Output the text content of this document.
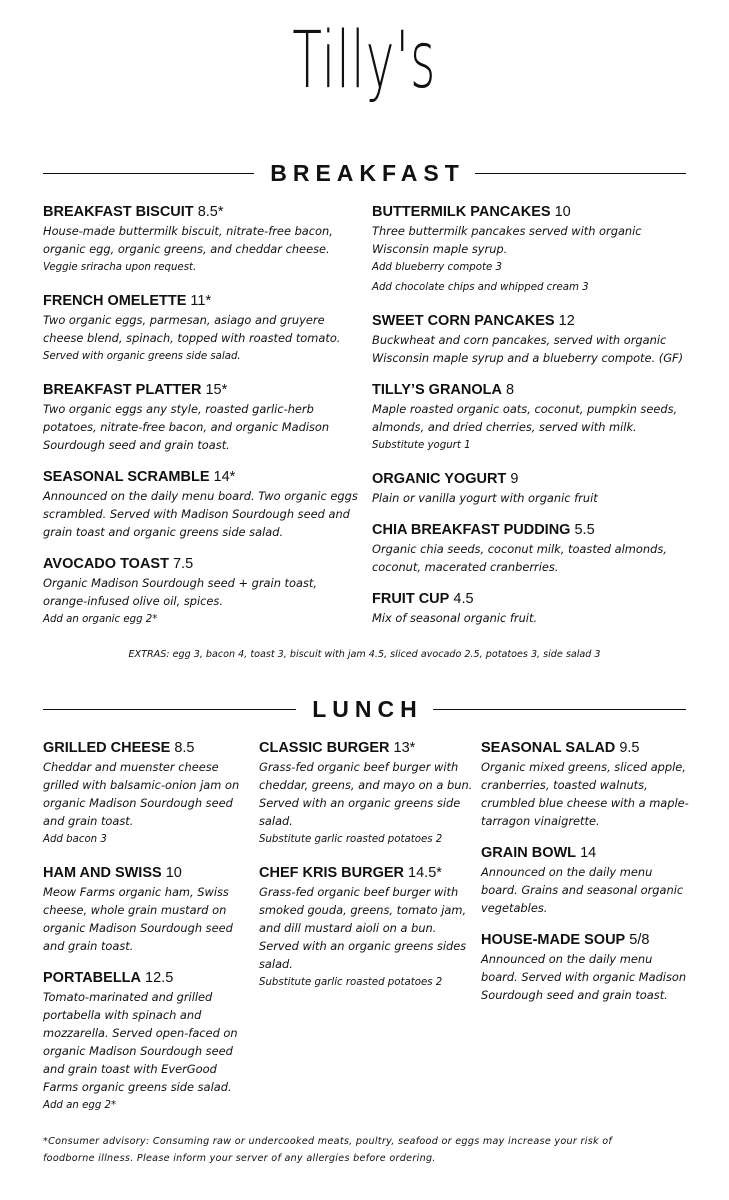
Tilly's
BREAKFAST
BREAKFAST BISCUIT 8.5*
House-made buttermilk biscuit, nitrate-free bacon, organic egg, organic greens, and cheddar cheese.
Veggie sriracha upon request.
FRENCH OMELETTE 11*
Two organic eggs, parmesan, asiago and gruyere cheese blend, spinach, topped with roasted tomato.
Served with organic greens side salad.
BREAKFAST PLATTER 15*
Two organic eggs any style, roasted garlic-herb potatoes, nitrate-free bacon, and organic Madison Sourdough seed and grain toast.
SEASONAL SCRAMBLE 14*
Announced on the daily menu board. Two organic eggs scrambled. Served with Madison Sourdough seed and grain toast and organic greens side salad.
AVOCADO TOAST 7.5
Organic Madison Sourdough seed + grain toast, orange-infused olive oil, spices.
Add an organic egg 2*
BUTTERMILK PANCAKES 10
Three buttermilk pancakes served with organic Wisconsin maple syrup.
Add blueberry compote 3
Add chocolate chips and whipped cream 3
SWEET CORN PANCAKES 12
Buckwheat and corn pancakes, served with organic Wisconsin maple syrup and a blueberry compote. (GF)
TILLY’S GRANOLA 8
Maple roasted organic oats, coconut, pumpkin seeds, almonds, and dried cherries, served with milk.
Substitute yogurt 1
ORGANIC YOGURT 9
Plain or vanilla yogurt with organic fruit
CHIA BREAKFAST PUDDING 5.5
Organic chia seeds, coconut milk, toasted almonds, coconut, macerated cranberries.
FRUIT CUP 4.5
Mix of seasonal organic fruit.
EXTRAS: egg 3, bacon 4, toast 3, biscuit with jam 4.5, sliced avocado 2.5, potatoes 3, side salad 3
LUNCH
GRILLED CHEESE 8.5
Cheddar and muenster cheese grilled with balsamic-onion jam on organic Madison Sourdough seed and grain toast.
Add bacon 3
HAM AND SWISS 10
Meow Farms organic ham, Swiss cheese, whole grain mustard on organic Madison Sourdough seed and grain toast.
PORTABELLA 12.5
Tomato-marinated and grilled portabella with spinach and mozzarella. Served open-faced on organic Madison Sourdough seed and grain toast with EverGood Farms organic greens side salad.
Add an egg 2*
CLASSIC BURGER 13*
Grass-fed organic beef burger with cheddar, greens, and mayo on a bun. Served with an organic greens side salad.
Substitute garlic roasted potatoes 2
CHEF KRIS BURGER 14.5*
Grass-fed organic beef burger with smoked gouda, greens, tomato jam, and dill mustard aioli on a bun. Served with an organic greens sides salad.
Substitute garlic roasted potatoes 2
SEASONAL SALAD 9.5
Organic mixed greens, sliced apple, cranberries, toasted walnuts, crumbled blue cheese with a maple-tarragon vinaigrette.
GRAIN BOWL 14
Announced on the daily menu board. Grains and seasonal organic vegetables.
HOUSE-MADE SOUP 5/8
Announced on the daily menu board. Served with organic Madison Sourdough seed and grain toast.
*Consumer advisory: Consuming raw or undercooked meats, poultry, seafood or eggs may increase your risk of foodborne illness. Please inform your server of any allergies before ordering.
